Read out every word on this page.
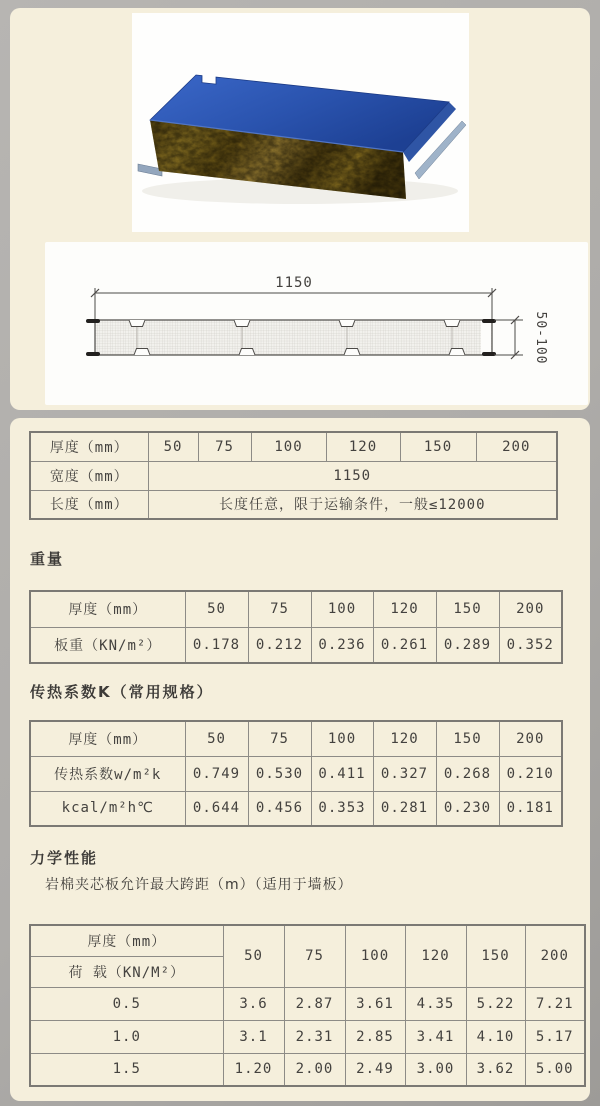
1150
50-100
厚度（mm）	50	75	100	120	150	200
宽度（mm）	1150					
长度（mm）	长度任意，限于运输条件，一般≤12000					
重量
厚度（mm）	50	75	100	120	150	200
板重（KN/m²）	0.178	0.212	0.236	0.261	0.289	0.352
传热系数K（常用规格）
厚度（mm）	50	75	100	120	150	200
传热系数w/m²k	0.749	0.530	0.411	0.327	0.268	0.210
kcal/m²h℃	0.644	0.456	0.353	0.281	0.230	0.181
力学性能
岩棉夹芯板允许最大跨距（m）（适用于墙板）
厚度（mm）	50	75	100	120	150	200
荷 载（KN/M²）						
0.5	3.6	2.87	3.61	4.35	5.22	7.21
1.0	3.1	2.31	2.85	3.41	4.10	5.17
1.5	1.20	2.00	2.49	3.00	3.62	5.00
